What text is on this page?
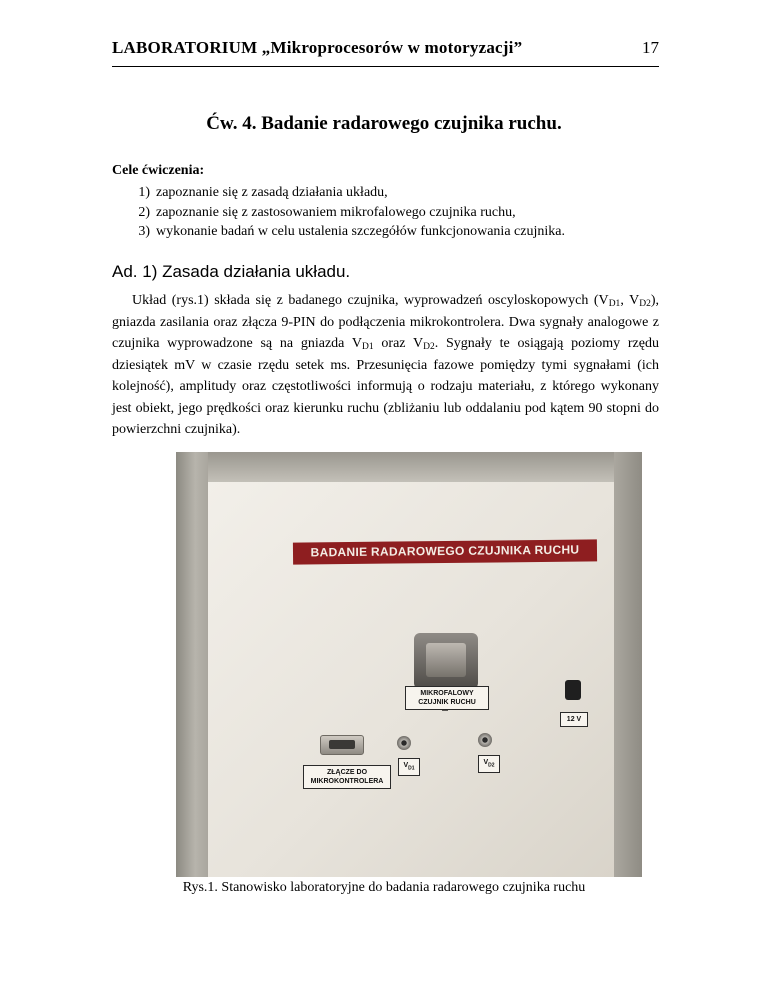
LABORATORIUM „Mikroprocesorów w motoryzacji”	17
Ćw. 4. Badanie radarowego czujnika ruchu.
Cele ćwiczenia:
1) zapoznanie się z zasadą działania układu,
2) zapoznanie się z zastosowaniem mikrofalowego czujnika ruchu,
3) wykonanie badań w celu ustalenia szczegółów funkcjonowania czujnika.
Ad. 1) Zasada działania układu.

Układ (rys.1) składa się z badanego czujnika, wyprowadzeń oscyloskopowych ($V_{D1}$, $V_{D2}$), gniazda zasilania oraz złącza 9-PIN do podłączenia mikrokontrolera. Dwa sygnały analogowe z czujnika wyprowadzone są na gniazda $V_{D1}$ oraz $V_{D2}$. Sygnały te osiągają poziomy rzędu dziesiątek mV w czasie rzędu setek ms. Przesunięcia fazowe pomiędzy tymi sygnałami (ich kolejność), amplitudy oraz częstotliwości informują o rodzaju materiału, z którego wykonany jest obiekt, jego prędkości oraz kierunku ruchu (zbliżaniu lub oddalaniu pod kątem 90 stopni do powierzchni czujnika).

BADANIE RADAROWEGO CZUJNIKA RUCHU
MIKROFALOWY CZUJNIK RUCHU
12 V
ZŁĄCZE DO MIKROKONTROLERA
$V_{D1}$
$V_{D2}$
Rys.1. Stanowisko laboratoryjne do badania radarowego czujnika ruchu
